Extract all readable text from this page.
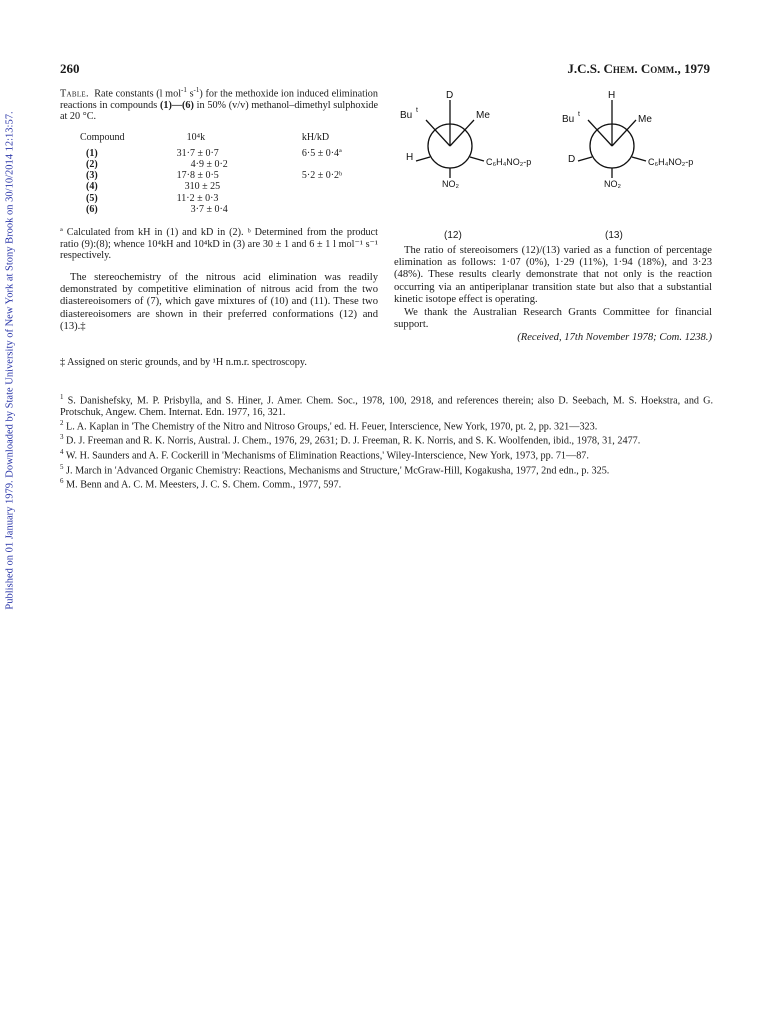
Published on 01 January 1979. Downloaded by State University of New York at Stony Brook on 30/10/2014 12:13:57.
260	J.C.S. Chem. Comm., 1979

Table. Rate constants (l mol$^{-1}$ $s^{-1}$) for the methoxide ion induced elimination reactions in compounds (1)—(6) in 50% (v/v) methanol–dimethyl sulphoxide at 20 °C.

Compound	10⁴k	kH/kD

(1)	31·7 ± 0·7	6·5 ± 0·4ª
(2)	4·9 ± 0·2	
(3)	17·8 ± 0·5	5·2 ± 0·2ᵇ
(4)	310 ± 25	
(5)	11·2 ± 0·3	
(6)	3·7 ± 0·4	

ª Calculated from kH in (1) and kD in (2). ᵇ Determined from the product ratio (9):(8); whence 10⁴kH and 10⁴kD in (3) are 30 ± 1 and 6 ± 1 l mol⁻¹ s⁻¹ respectively.

The stereochemistry of the nitrous acid elimination was readily demonstrated by competitive elimination of nitrous acid from the two diastereoisomers of (7), which gave mixtures of (10) and (11). These two diastereoisomers are shown in their preferred conformations (12) and (13).‡

D
Bu t	Me
H	C₆H₄NO₂-p
NO₂
H
Bu t	Me
D	C₆H₄NO₂-p
NO₂
(12)	(13)

The ratio of stereoisomers (12)/(13) varied as a function of percentage elimination as follows: 1·07 (0%), 1·29 (11%), 1·94 (18%), and 3·23 (48%). These results clearly demonstrate that not only is the reaction occurring via an antiperiplanar transition state but also that a substantial kinetic isotope effect is operating.

We thank the Australian Research Grants Committee for financial support.

(Received, 17th November 1978; Com. 1238.)

‡ Assigned on steric grounds, and by ¹H n.m.r. spectroscopy.

$^1$ S. Danishefsky, M. P. Prisbylla, and S. Hiner, J. Amer. Chem. Soc., 1978, 100, 2918, and references therein; also D. Seebach, M. S. Hoekstra, and G. Protschuk, Angew. Chem. Internat. Edn. 1977, 16, 321.

$^2$ L. A. Kaplan in 'The Chemistry of the Nitro and Nitroso Groups,' ed. H. Feuer, Interscience, New York, 1970, pt. 2, pp. 321—323.

$^3$ D. J. Freeman and R. K. Norris, Austral. J. Chem., 1976, 29, 2631; D. J. Freeman, R. K. Norris, and S. K. Woolfenden, ibid., 1978, 31, 2477.

$^4$ W. H. Saunders and A. F. Cockerill in 'Mechanisms of Elimination Reactions,' Wiley-Interscience, New York, 1973, pp. 71—87.

$^5$ J. March in 'Advanced Organic Chemistry: Reactions, Mechanisms and Structure,' McGraw-Hill, Kogakusha, 1977, 2nd edn., p. 325.

$^6$ M. Benn and A. C. M. Meesters, J. C. S. Chem. Comm., 1977, 597.
